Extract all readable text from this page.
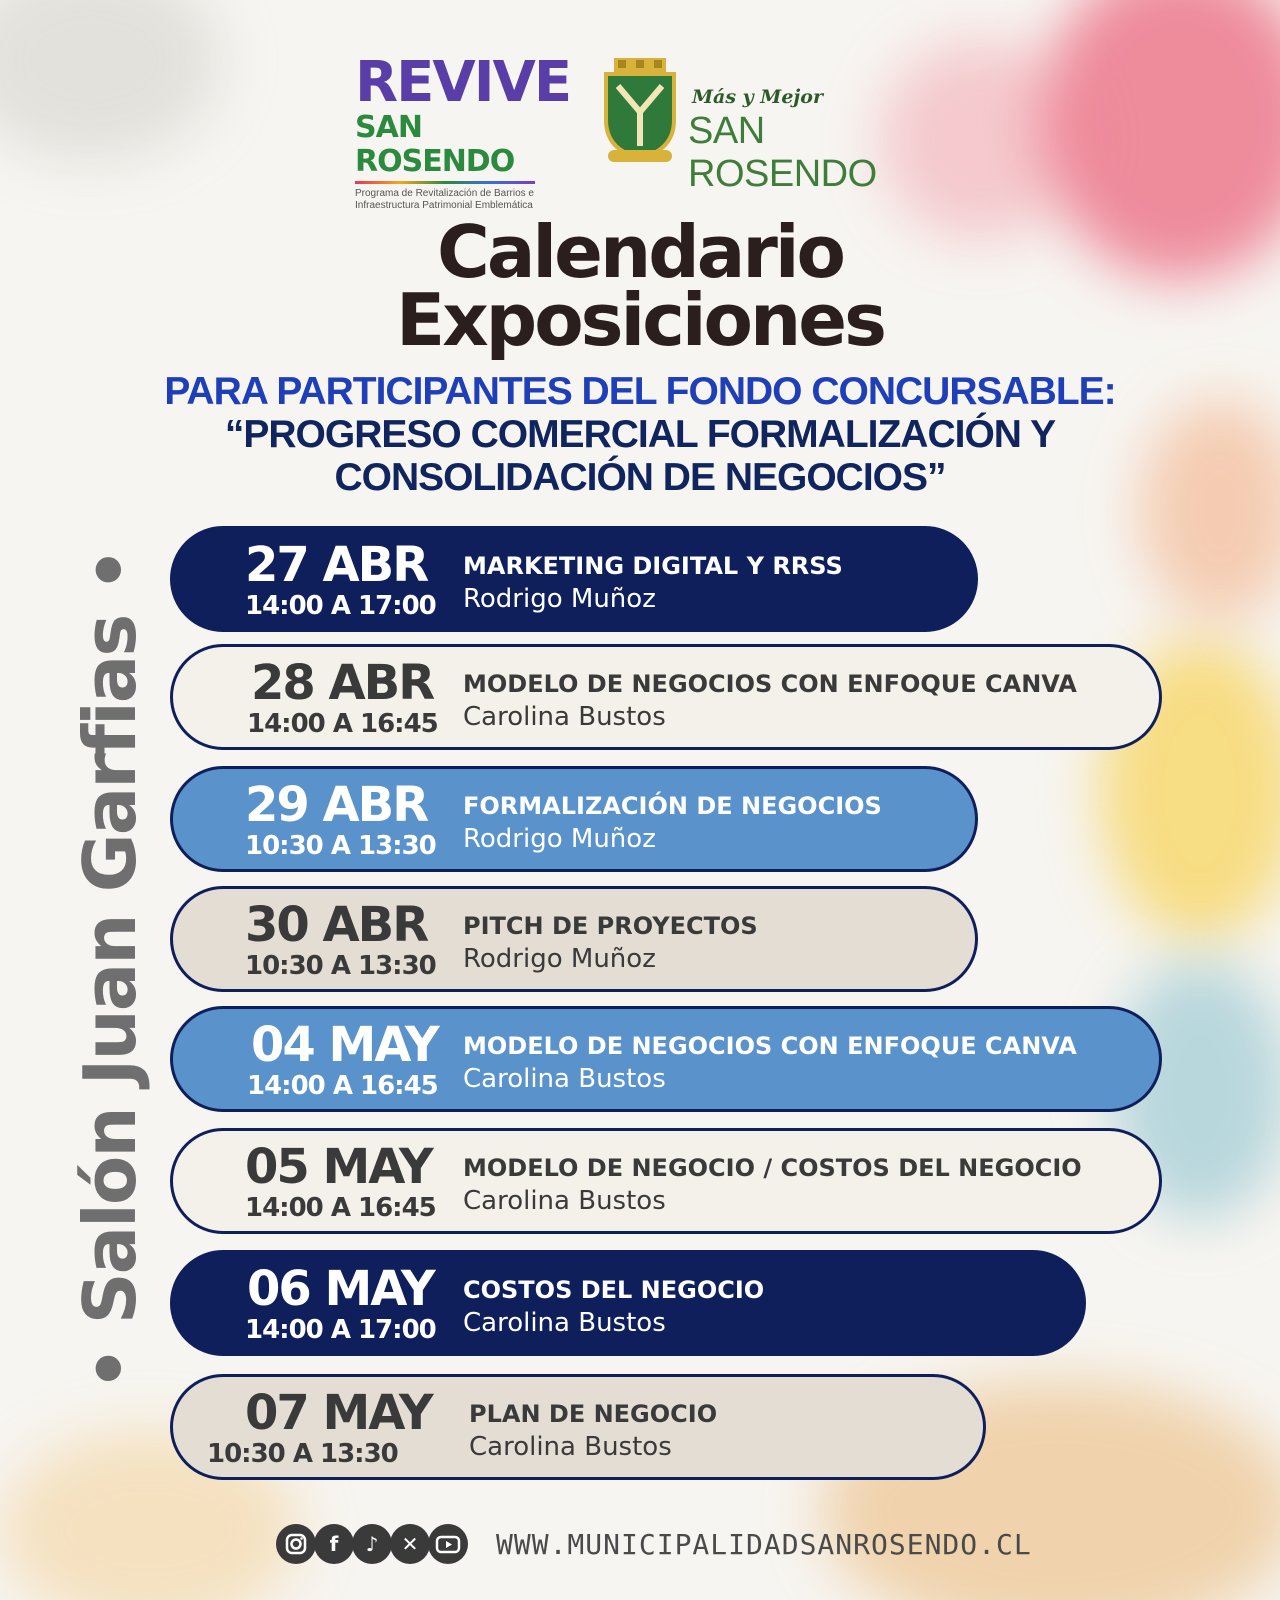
REVIVE
SAN ROSENDO
Programa de Revitalización de Barrios e
Infraestructura Patrimonial Emblemática
Más y Mejor
SAN ROSENDO
Calendario
Exposiciones
PARA PARTICIPANTES DEL FONDO CONCURSABLE:
“PROGRESO COMERCIAL FORMALIZACIÓN Y
CONSOLIDACIÓN DE NEGOCIOS”
• Salón Juan Garfias • 27 ABR
14:00 A 17:00
MARKETING DIGITAL Y RRSS
Rodrigo Muñoz
28 ABR
14:00 A 16:45
MODELO DE NEGOCIOS CON ENFOQUE CANVA
Carolina Bustos
29 ABR
10:30 A 13:30
FORMALIZACIÓN DE NEGOCIOS
Rodrigo Muñoz
30 ABR
10:30 A 13:30
PITCH DE PROYECTOS
Rodrigo Muñoz
04 MAY
14:00 A 16:45
MODELO DE NEGOCIOS CON ENFOQUE CANVA
Carolina Bustos
05 MAY
14:00 A 16:45
MODELO DE NEGOCIO / COSTOS DEL NEGOCIO
Carolina Bustos
06 MAY
14:00 A 17:00
COSTOS DEL NEGOCIO
Carolina Bustos
07 MAY
10:30 A 13:30
PLAN DE NEGOCIO
Carolina Bustos
f	♪	✕	WWW.MUNICIPALIDADSANROSENDO.CL
